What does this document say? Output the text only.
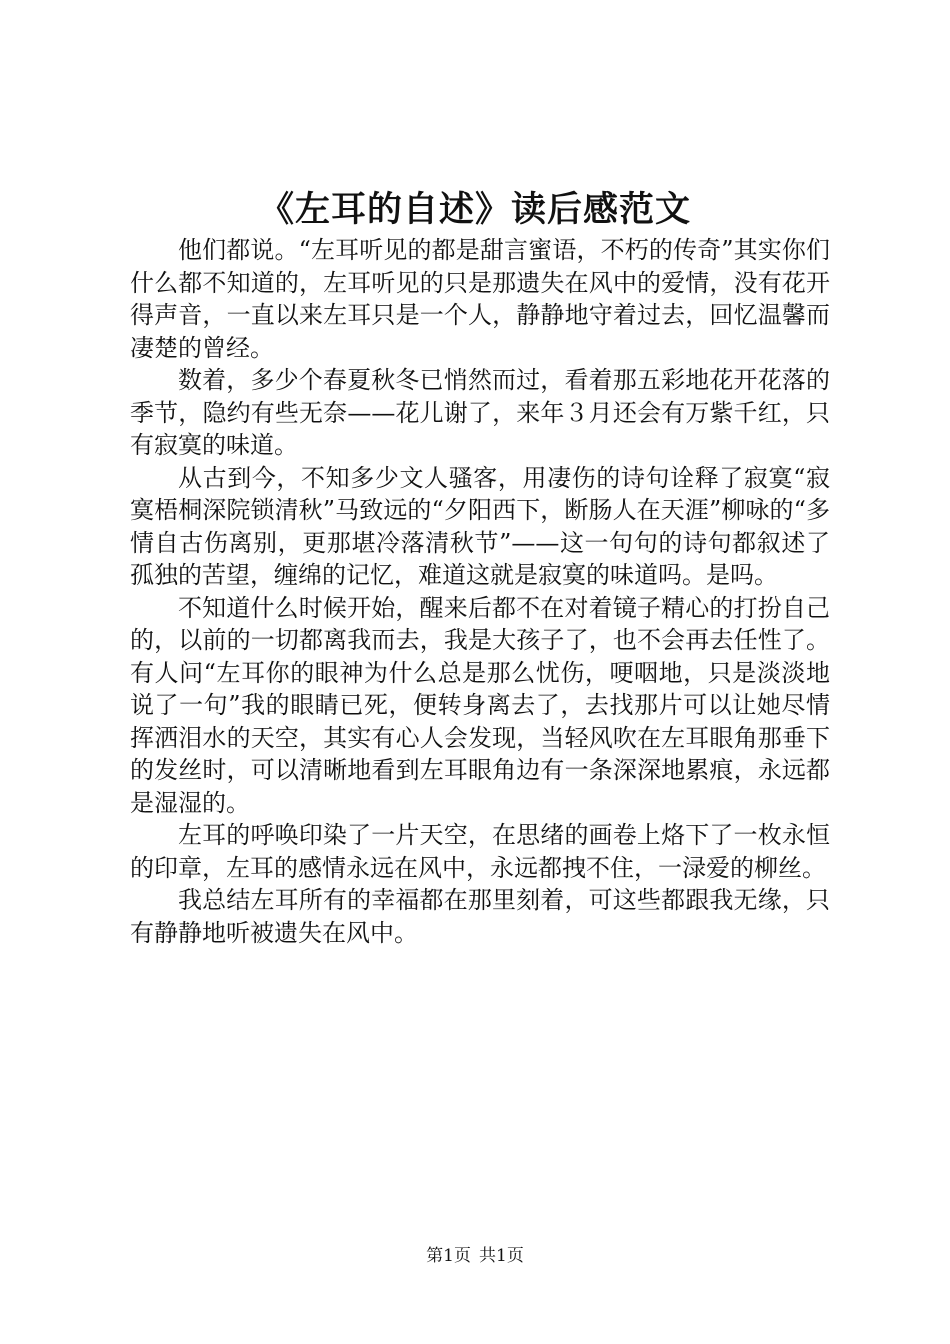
《左耳的自述》读后感范文

他们都说。“左耳听见的都是甜言蜜语，不朽的传奇”其实你们什么都不知道的，左耳听见的只是那遗失在风中的爱情，没有花开得声音，一直以来左耳只是一个人，静静地守着过去，回忆温馨而凄楚的曾经。

数着，多少个春夏秋冬已悄然而过，看着那五彩地花开花落的季节，隐约有些无奈——花儿谢了，来年３月还会有万紫千红，只有寂寞的味道。

从古到今，不知多少文人骚客，用凄伤的诗句诠释了寂寞“寂寞梧桐深院锁清秋”马致远的“夕阳西下，断肠人在天涯”柳咏的“多情自古伤离别，更那堪冷落清秋节”——这一句句的诗句都叙述了孤独的苦望，缠绵的记忆，难道这就是寂寞的味道吗。是吗。

不知道什么时候开始，醒来后都不在对着镜子精心的打扮自己的，以前的一切都离我而去，我是大孩子了，也不会再去任性了。有人问“左耳你的眼神为什么总是那么忧伤，哽咽地，只是淡淡地说了一句”我的眼睛已死，便转身离去了，去找那片可以让她尽情挥洒泪水的天空，其实有心人会发现，当轻风吹在左耳眼角那垂下的发丝时，可以清晰地看到左耳眼角边有一条深深地累痕，永远都是湿湿的。

左耳的呼唤印染了一片天空，在思绪的画卷上烙下了一枚永恒的印章，左耳的感情永远在风中，永远都拽不住，一渌爱的柳丝。

我总结左耳所有的幸福都在那里刻着，可这些都跟我无缘，只有静静地听被遗失在风中。

第1页 共1页
